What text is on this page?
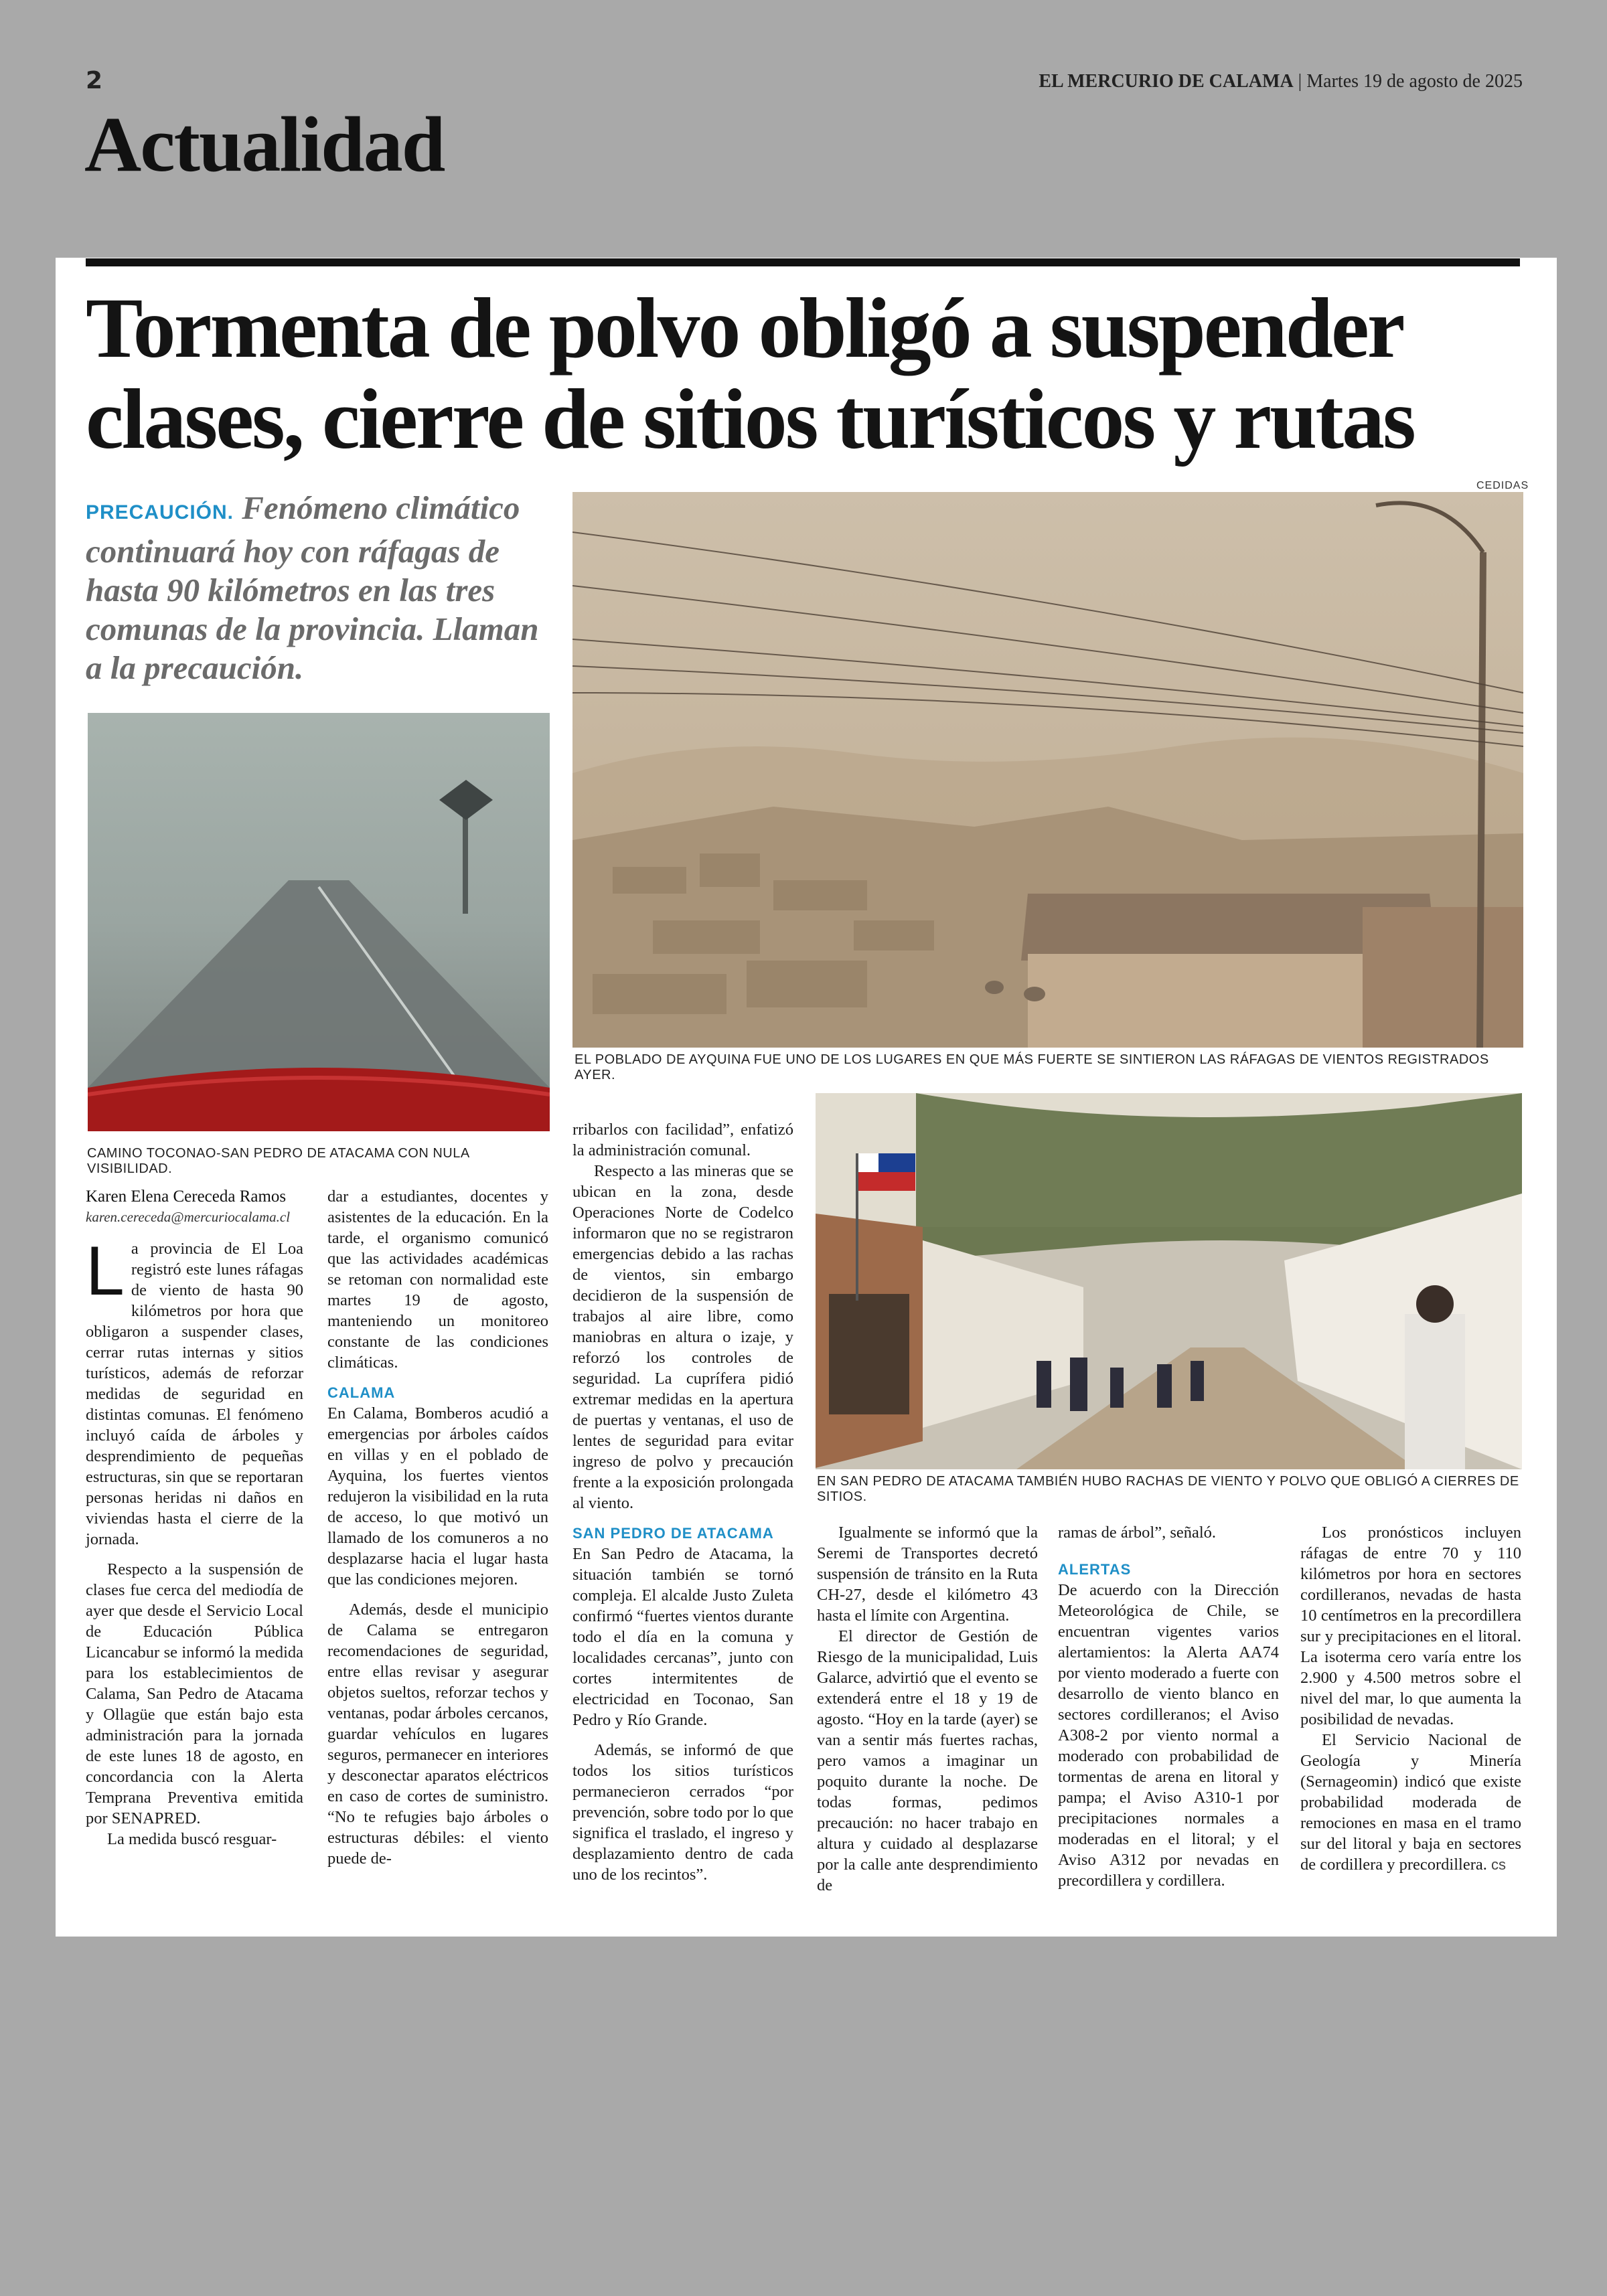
2	EL MERCURIO DE CALAMA | Martes 19 de agosto de 2025
Actualidad
Tormenta de polvo obligó a suspender clases, cierre de sitios turísticos y rutas
PRECAUCIÓN. Fenómeno climático continuará hoy con ráfagas de hasta 90 kilómetros en las tres comunas de la provincia. Llaman a la precaución.
CEDIDAS
EL POBLADO DE AYQUINA FUE UNO DE LOS LUGARES EN QUE MÁS FUERTE SE SINTIERON LAS RÁFAGAS DE VIENTOS REGISTRADOS AYER.
CAMINO TOCONAO-SAN PEDRO DE ATACAMA CON NULA VISIBILIDAD.
EN SAN PEDRO DE ATACAMA TAMBIÉN HUBO RACHAS DE VIENTO Y POLVO QUE OBLIGÓ A CIERRES DE SITIOS.

Karen Elena Cereceda Ramos

karen.cereceda@mercuriocalama.cl

La provincia de El Loa registró este lunes ráfagas de viento de hasta 90 kilómetros por hora que obligaron a suspender clases, cerrar rutas internas y sitios turísticos, además de reforzar medidas de seguridad en distintas comunas. El fenómeno incluyó caída de árboles y desprendimiento de pequeñas estructuras, sin que se reportaran personas heridas ni daños en viviendas hasta el cierre de la jornada.

Respecto a la suspensión de clases fue cerca del mediodía de ayer que desde el Servicio Local de Educación Pública Licancabur se informó la medida para los establecimientos de Calama, San Pedro de Atacama y Ollagüe que están bajo esta administración para la jornada de este lunes 18 de agosto, en concordancia con la Alerta Temprana Preventiva emitida por SENAPRED.

La medida buscó resguar-

dar a estudiantes, docentes y asistentes de la educación. En la tarde, el organismo comunicó que las actividades académicas se retoman con normalidad este martes 19 de agosto, manteniendo un monitoreo constante de las condiciones climáticas.

CALAMA

En Calama, Bomberos acudió a emergencias por árboles caídos en villas y en el poblado de Ayquina, los fuertes vientos redujeron la visibilidad en la ruta de acceso, lo que motivó un llamado de los comuneros a no desplazarse hacia el lugar hasta que las condiciones mejoren.

Además, desde el municipio de Calama se entregaron recomendaciones de seguridad, entre ellas revisar y asegurar objetos sueltos, reforzar techos y ventanas, podar árboles cercanos, guardar vehículos en lugares seguros, permanecer en interiores y desconectar aparatos eléctricos en caso de cortes de suministro. “No te refugies bajo árboles o estructuras débiles: el viento puede de-

rribarlos con facilidad”, enfatizó la administración comunal.

Respecto a las mineras que se ubican en la zona, desde Operaciones Norte de Codelco informaron que no se registraron emergencias debido a las rachas de vientos, sin embargo decidieron de la suspensión de trabajos al aire libre, como maniobras en altura o izaje, y reforzó los controles de seguridad. La cuprífera pidió extremar medidas en la apertura de puertas y ventanas, el uso de lentes de seguridad para evitar ingreso de polvo y precaución frente a la exposición prolongada al viento.

SAN PEDRO DE ATACAMA

En San Pedro de Atacama, la situación también se tornó compleja. El alcalde Justo Zuleta confirmó “fuertes vientos durante todo el día en la comuna y localidades cercanas”, junto con cortes intermitentes de electricidad en Toconao, San Pedro y Río Grande.

Además, se informó de que todos los sitios turísticos permanecieron cerrados “por prevención, sobre todo por lo que significa el traslado, el ingreso y desplazamiento dentro de cada uno de los recintos”.

Igualmente se informó que la Seremi de Transportes decretó suspensión de tránsito en la Ruta CH-27, desde el kilómetro 43 hasta el límite con Argentina.

El director de Gestión de Riesgo de la municipalidad, Luis Galarce, advirtió que el evento se extenderá entre el 18 y 19 de agosto. “Hoy en la tarde (ayer) se van a sentir más fuertes rachas, pero vamos a imaginar un poquito durante la noche. De todas formas, pedimos precaución: no hacer trabajo en altura y cuidado al desplazarse por la calle ante desprendimiento de

ramas de árbol”, señaló.

ALERTAS

De acuerdo con la Dirección Meteorológica de Chile, se encuentran vigentes varios alertamientos: la Alerta AA74 por viento moderado a fuerte con desarrollo de viento blanco en sectores cordilleranos; el Aviso A308-2 por viento normal a moderado con probabilidad de tormentas de arena en litoral y pampa; el Aviso A310-1 por precipitaciones normales a moderadas en el litoral; y el Aviso A312 por nevadas en precordillera y cordillera.

Los pronósticos incluyen ráfagas de entre 70 y 110 kilómetros por hora en sectores cordilleranos, nevadas de hasta 10 centímetros en la precordillera sur y precipitaciones en el litoral. La isoterma cero varía entre los 2.900 y 4.500 metros sobre el nivel del mar, lo que aumenta la posibilidad de nevadas.

El Servicio Nacional de Geología y Minería (Sernageomin) indicó que existe probabilidad moderada de remociones en masa en el tramo sur del litoral y baja en sectores de cordillera y precordillera. cs
